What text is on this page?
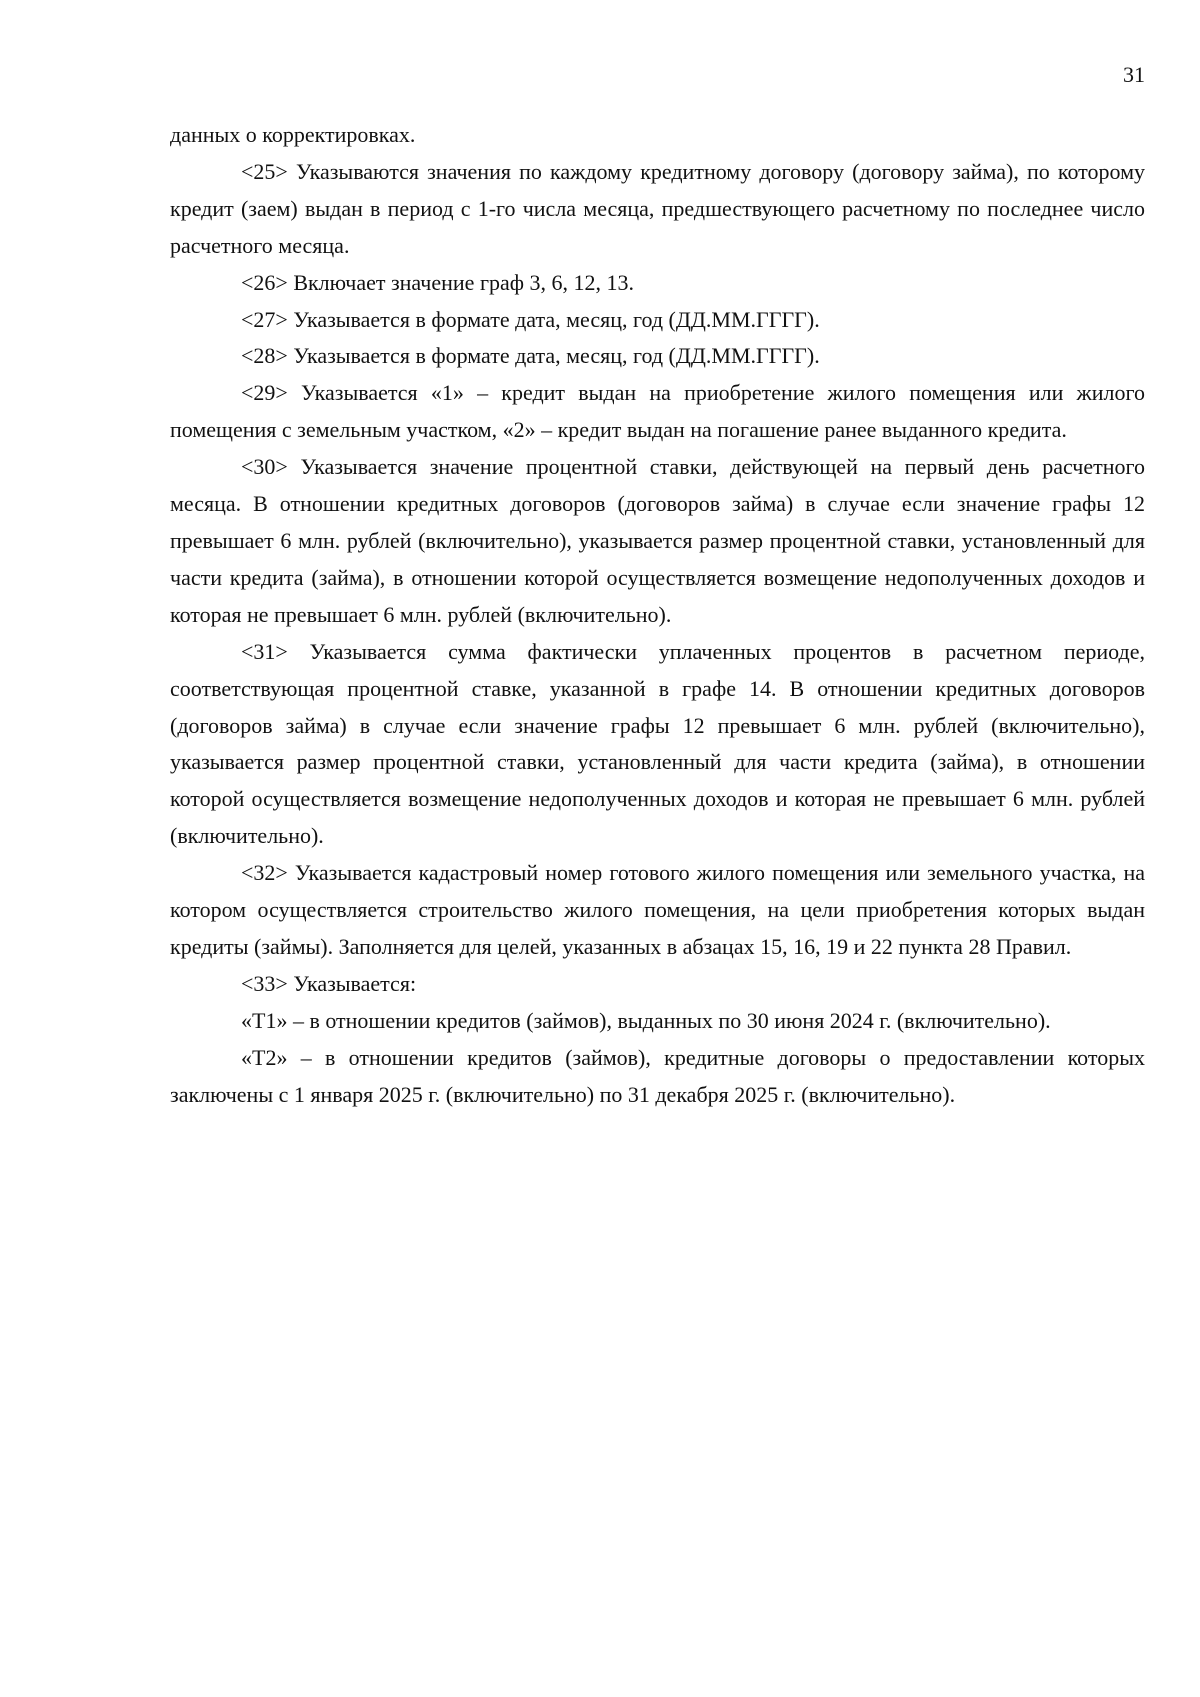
31

данных о корректировках.

<25> Указываются значения по каждому кредитному договору (договору займа), по которому кредит (заем) выдан в период с 1-го числа месяца, предшествующего расчетному по последнее число расчетного месяца.

<26> Включает значение граф 3, 6, 12, 13.

<27> Указывается в формате дата, месяц, год (ДД.ММ.ГГГГ).

<28> Указывается в формате дата, месяц, год (ДД.ММ.ГГГГ).

<29> Указывается «1» – кредит выдан на приобретение жилого помещения или жилого помещения с земельным участком, «2» – кредит выдан на погашение ранее выданного кредита.

<30> Указывается значение процентной ставки, действующей на первый день расчетного месяца. В отношении кредитных договоров (договоров займа) в случае если значение графы 12 превышает 6 млн. рублей (включительно), указывается размер процентной ставки, установленный для части кредита (займа), в отношении которой осуществляется возмещение недополученных доходов и которая не превышает 6 млн. рублей (включительно).

<31> Указывается сумма фактически уплаченных процентов в расчетном периоде, соответствующая процентной ставке, указанной в графе 14. В отношении кредитных договоров (договоров займа) в случае если значение графы 12 превышает 6 млн. рублей (включительно), указывается размер процентной ставки, установленный для части кредита (займа), в отношении которой осуществляется возмещение недополученных доходов и которая не превышает 6 млн. рублей (включительно).

<32> Указывается кадастровый номер готового жилого помещения или земельного участка, на котором осуществляется строительство жилого помещения, на цели приобретения которых выдан кредиты (займы). Заполняется для целей, указанных в абзацах 15, 16, 19 и 22 пункта 28 Правил.

<33> Указывается:

«Т1» – в отношении кредитов (займов), выданных по 30 июня 2024 г. (включительно).

«Т2» – в отношении кредитов (займов), кредитные договоры о предоставлении которых заключены с 1 января 2025 г. (включительно) по 31 декабря 2025 г. (включительно).
